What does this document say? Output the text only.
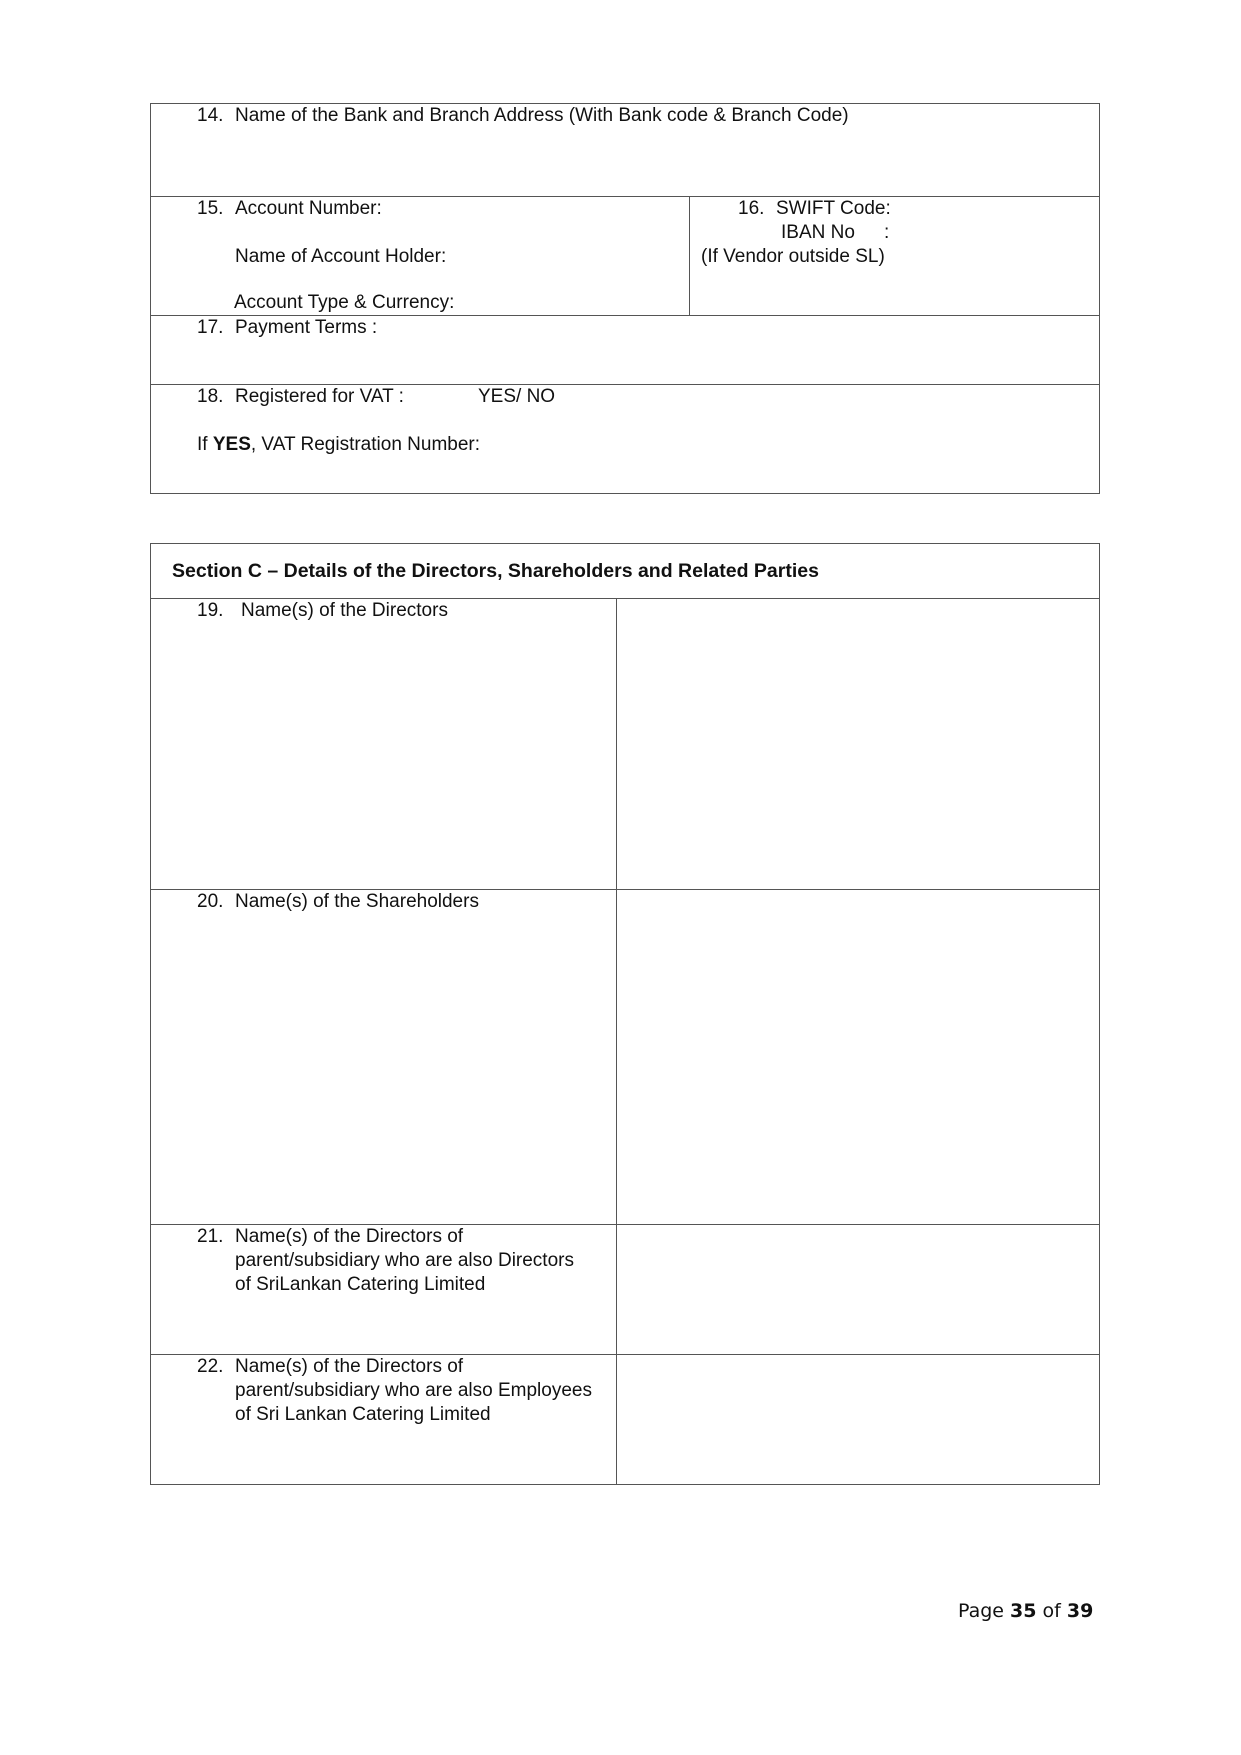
14. Name of the Bank and Branch Address (With Bank code & Branch Code)
15. Account Number:
Name of Account Holder:
Account Type & Currency:
16. SWIFT Code:
IBAN No :
(If Vendor outside SL)
17. Payment Terms :
18. Registered for VAT :	YES/ NO
If YES, VAT Registration Number:
Section C – Details of the Directors, Shareholders and Related Parties
19. Name(s) of the Directors
20. Name(s) of the Shareholders
21. Name(s) of the Directors of
parent/subsidiary who are also Directors
of SriLankan Catering Limited
22. Name(s) of the Directors of
parent/subsidiary who are also Employees
of Sri Lankan Catering Limited
Page 35 of 39
